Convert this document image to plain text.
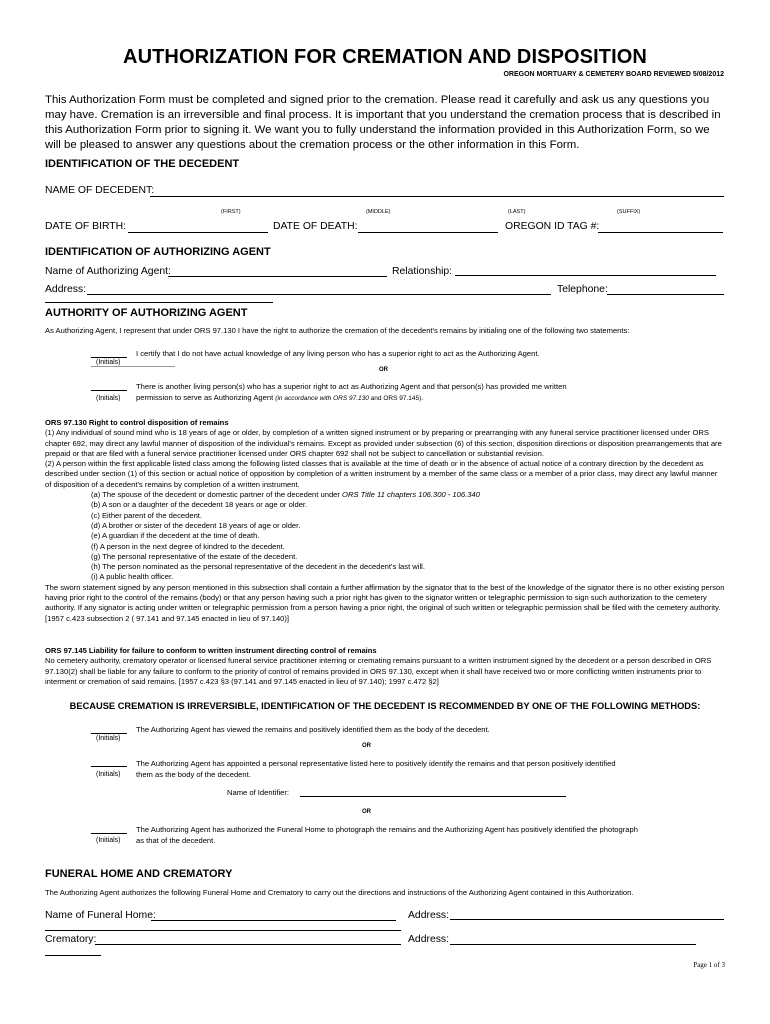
AUTHORIZATION FOR CREMATION AND DISPOSITION
OREGON MORTUARY & CEMETERY BOARD REVIEWED 5/08/2012
This Authorization Form must be completed and signed prior to the cremation. Please read it carefully and ask us any questions you may have. Cremation is an irreversible and final process. It is important that you understand the cremation process that is described in this Authorization Form prior to signing it. We want you to fully understand the information provided in this Authorization Form, so we will be pleased to answer any questions about the cremation process or the other information in this Form.
IDENTIFICATION OF THE DECEDENT
NAME OF DECEDENT:
(FIRST)	(MIDDLE)	(LAST)	(SUFFIX)
DATE OF BIRTH:	DATE OF DEATH:	OREGON ID TAG #:
IDENTIFICATION OF AUTHORIZING AGENT
Name of Authorizing Agent:	Relationship:
Address:	Telephone:
AUTHORITY OF AUTHORIZING AGENT
As Authorizing Agent, I represent that under ORS 97.130 I have the right to authorize the cremation of the decedent's remains by initialing one of the following two statements:
(Initials)
I certify that I do not have actual knowledge of any living person who has a superior right to act as the Authorizing Agent.
OR
(Initials)
There is another living person(s) who has a superior right to act as Authorizing Agent and that person(s) has provided me written
permission to serve as Authorizing Agent (in accordance with ORS 97.130 and ORS 97.145).
ORS 97.130 Right to control disposition of remains
(1) Any individual of sound mind who is 18 years of age or older, by completion of a written signed instrument or by preparing or prearranging with any funeral service practitioner licensed under ORS chapter 692, may direct any lawful manner of disposition of the individual's remains. Except as provided under subsection (6) of this section, disposition directions or disposition prearrangements that are prepaid or that are filed with a funeral service practitioner licensed under ORS chapter 692 shall not be subject to cancellation or substantial revision.
(2) A person within the first applicable listed class among the following listed classes that is available at the time of death or in the absence of actual notice of a contrary direction by the decedent as described under section (1) of this section or actual notice of opposition by completion of a written instrument by a member of the same class or a member of a prior class, may direct any lawful manner of disposition of a decedent's remains by completion of a written instrument.
(a) The spouse of the decedent or domestic partner of the decedent under ORS Title 11 chapters 106.300 - 106.340
(b) A son or a daughter of the decedent 18 years or age or older.
(c) Either parent of the decedent.
(d) A brother or sister of the decedent 18 years of age or older.
(e) A guardian if the decedent at the time of death.
(f) A person in the next degree of kindred to the decedent.
(g) The personal representative of the estate of the decedent.
(h) The person nominated as the personal representative of the decedent in the decedent's last will.
(i) A public health officer.
The sworn statement signed by any person mentioned in this subsection shall contain a further affirmation by the signator that to the best of the knowledge of the signator there is no other existing person having prior right to the control of the remains (body) or that any person having such a prior right has given to the signator written or telegraphic permission to sign such authorization to the cemetery authority. If any signator is acting under written or telegraphic permission from a person having a prior right, the original of such written or telegraphic permission shall be filed with the cemetery authority. [1957 c.423 subsection 2 ( 97.141 and 97.145 enacted in lieu of 97.140)]
ORS 97.145 Liability for failure to conform to written instrument directing control of remains
No cemetery authority, crematory operator or licensed funeral service practitioner interring or cremating remains pursuant to a written instrument signed by the decedent or a person described in ORS 97.130(2) shall be liable for any failure to conform to the priority of control of remains provided in ORS 97.130, except when it shall have received two or more conflicting written instruments prior to interment or cremation of said remains. [1957 c.423 §3 (97.141 and 97.145 enacted in lieu of 97.140); 1997 c.472 §2]
BECAUSE CREMATION IS IRREVERSIBLE, IDENTIFICATION OF THE DECEDENT IS RECOMMENDED BY ONE OF THE FOLLOWING METHODS:
(Initials)
The Authorizing Agent has viewed the remains and positively identified them as the body of the decedent.
OR
(Initials)
The Authorizing Agent has appointed a personal representative listed here to positively identify the remains and that person positively identified
them as the body of the decedent.
Name of Identifier:
OR
(Initials)
The Authorizing Agent has authorized the Funeral Home to photograph the remains and the Authorizing Agent has positively identified the photograph
as that of the decedent.
FUNERAL HOME AND CREMATORY
The Authorizing Agent authorizes the following Funeral Home and Crematory to carry out the directions and instructions of the Authorizing Agent contained in this Authorization.
Name of Funeral Home:	Address:
Crematory:	Address:
Page 1 of 3
